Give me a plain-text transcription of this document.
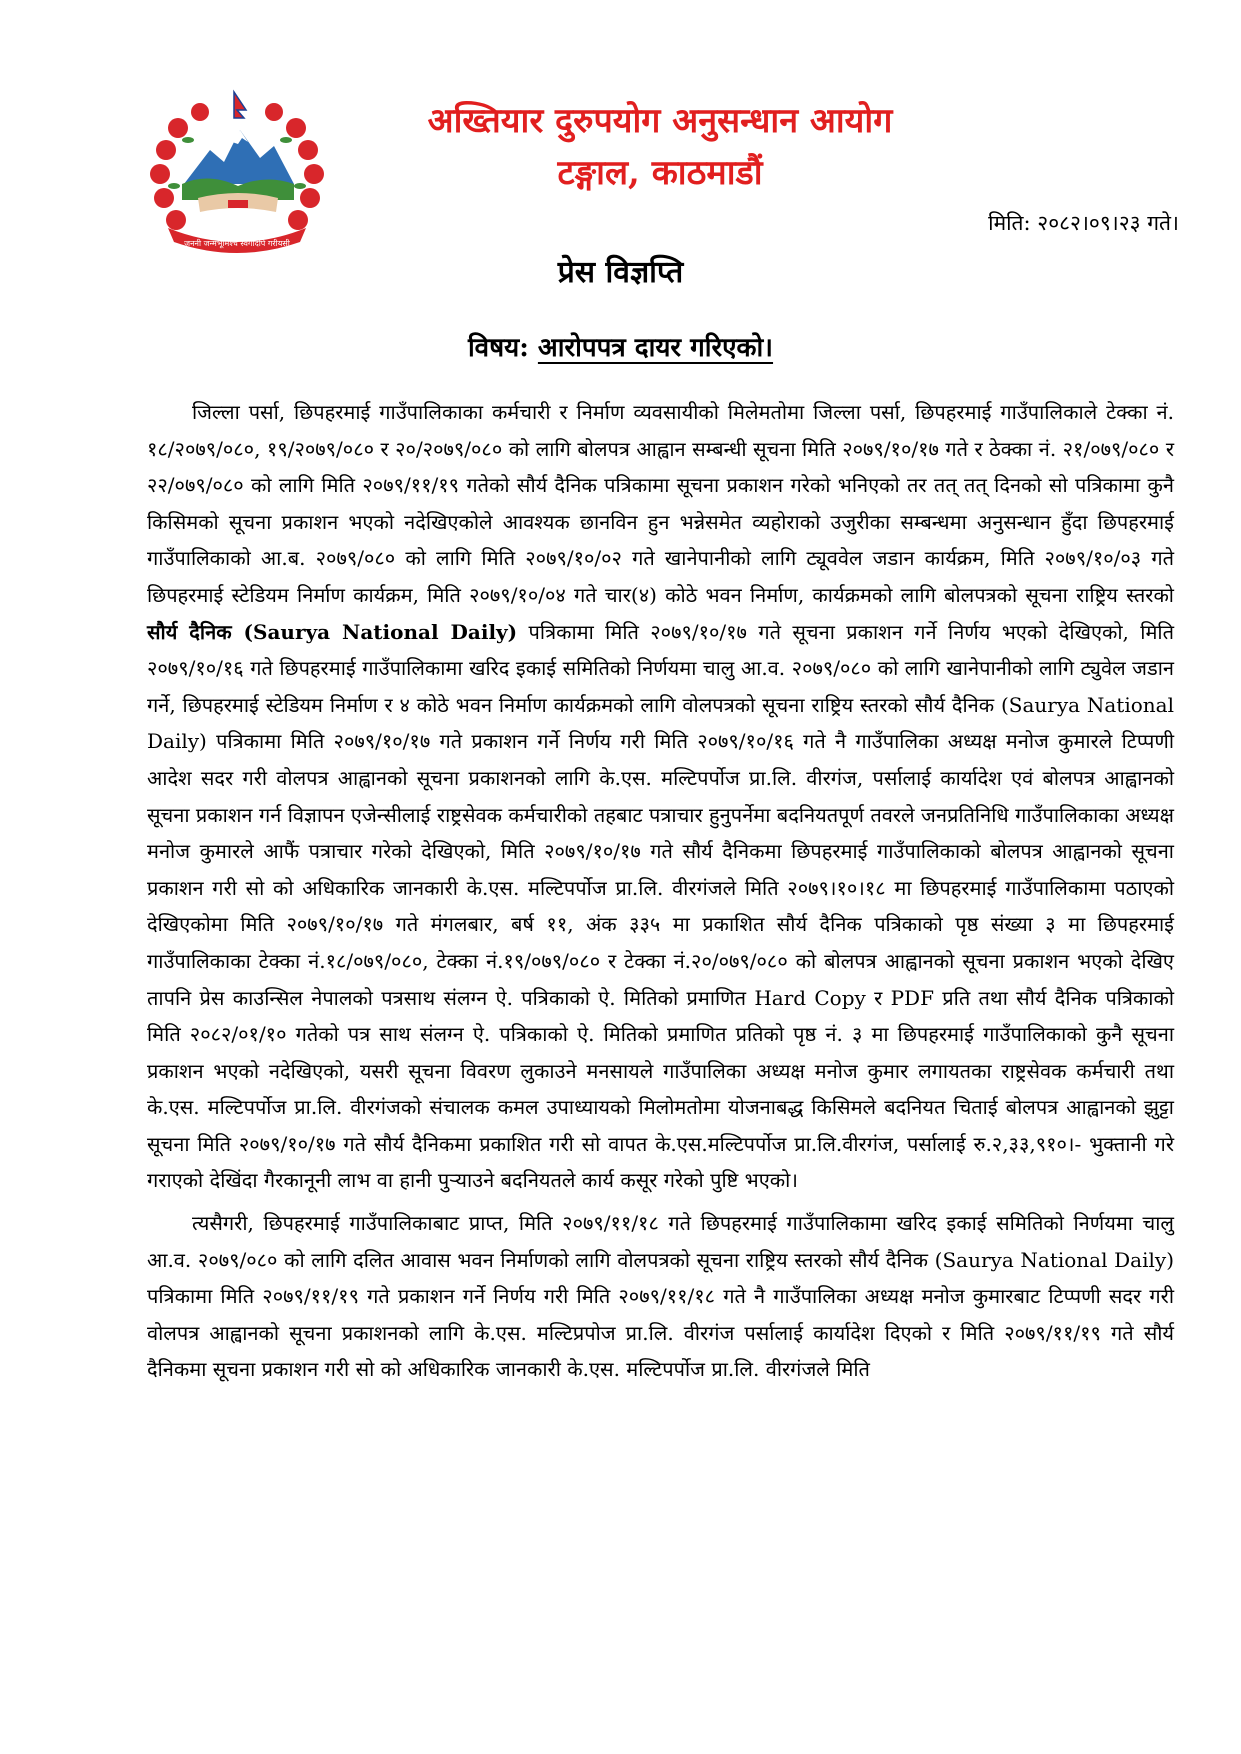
जननी जन्मभूमिश्च स्वर्गादपि गरीयसी
अख्तियार दुरुपयोग अनुसन्धान आयोग
टङ्गाल, काठमाडौं
मिति: २०८२।०९।२३ गते।
प्रेस विज्ञप्ति
विषय: आरोपपत्र दायर गरिएको।

जिल्ला पर्सा, छिपहरमाई गाउँपालिकाका कर्मचारी र निर्माण व्यवसायीको मिलेमतोमा जिल्ला पर्सा, छिपहरमाई गाउँपालिकाले टेक्का नं. १८/२०७९/०८०, १९/२०७९/०८० र २०/२०७९/०८० को लागि बोलपत्र आह्वान सम्बन्धी सूचना मिति २०७९/१०/१७ गते र ठेक्का नं. २१/०७९/०८० र २२/०७९/०८० को लागि मिति २०७९/११/१९ गतेको सौर्य दैनिक पत्रिकामा सूचना प्रकाशन गरेको भनिएको तर तत् तत् दिनको सो पत्रिकामा कुनै किसिमको सूचना प्रकाशन भएको नदेखिएकोले आवश्यक छानविन हुन भन्नेसमेत व्यहोराको उजुरीका सम्बन्धमा अनुसन्धान हुँदा छिपहरमाई गाउँपालिकाको आ.ब. २०७९/०८० को लागि मिति २०७९/१०/०२ गते खानेपानीको लागि ट्यूववेल जडान कार्यक्रम, मिति २०७९/१०/०३ गते छिपहरमाई स्टेडियम निर्माण कार्यक्रम, मिति २०७९/१०/०४ गते चार(४) कोठे भवन निर्माण, कार्यक्रमको लागि बोलपत्रको सूचना राष्ट्रिय स्तरको सौर्य दैनिक (Saurya National Daily) पत्रिकामा मिति २०७९/१०/१७ गते सूचना प्रकाशन गर्ने निर्णय भएको देखिएको, मिति २०७९/१०/१६ गते छिपहरमाई गाउँपालिकामा खरिद इकाई समितिको निर्णयमा चालु आ.व. २०७९/०८० को लागि खानेपानीको लागि ट्युवेल जडान गर्ने, छिपहरमाई स्टेडियम निर्माण र ४ कोठे भवन निर्माण कार्यक्रमको लागि वोलपत्रको सूचना राष्ट्रिय स्तरको सौर्य दैनिक (Saurya National Daily) पत्रिकामा मिति २०७९/१०/१७ गते प्रकाशन गर्ने निर्णय गरी मिति २०७९/१०/१६ गते नै गाउँपालिका अध्यक्ष मनोज कुमारले टिप्पणी आदेश सदर गरी वोलपत्र आह्वानको सूचना प्रकाशनको लागि के.एस. मल्टिपर्पोज प्रा.लि. वीरगंज, पर्सालाई कार्यादेश एवं बोलपत्र आह्वानको सूचना प्रकाशन गर्न विज्ञापन एजेन्सीलाई राष्ट्रसेवक कर्मचारीको तहबाट पत्राचार हुनुपर्नेमा बदनियतपूर्ण तवरले जनप्रतिनिधि गाउँपालिकाका अध्यक्ष मनोज कुमारले आफैं पत्राचार गरेको देखिएको, मिति २०७९/१०/१७ गते सौर्य दैनिकमा छिपहरमाई गाउँपालिकाको बोलपत्र आह्वानको सूचना प्रकाशन गरी सो को अधिकारिक जानकारी के.एस. मल्टिपर्पोज प्रा.लि. वीरगंजले मिति २०७९।१०।१८ मा छिपहरमाई गाउँपालिकामा पठाएको देखिएकोमा मिति २०७९/१०/१७ गते मंगलबार, बर्ष ११, अंक ३३५ मा प्रकाशित सौर्य दैनिक पत्रिकाको पृष्ठ संख्या ३ मा छिपहरमाई गाउँपालिकाका टेक्का नं.१८/०७९/०८०, टेक्का नं.१९/०७९/०८० र टेक्का नं.२०/०७९/०८० को बोलपत्र आह्वानको सूचना प्रकाशन भएको देखिए तापनि प्रेस काउन्सिल नेपालको पत्रसाथ संलग्न ऐ. पत्रिकाको ऐ. मितिको प्रमाणित Hard Copy र PDF प्रति तथा सौर्य दैनिक पत्रिकाको मिति २०८२/०१/१० गतेको पत्र साथ संलग्न ऐ. पत्रिकाको ऐ. मितिको प्रमाणित प्रतिको पृष्ठ नं. ३ मा छिपहरमाई गाउँपालिकाको कुनै सूचना प्रकाशन भएको नदेखिएको, यसरी सूचना विवरण लुकाउने मनसायले गाउँपालिका अध्यक्ष मनोज कुमार लगायतका राष्ट्रसेवक कर्मचारी तथा के.एस. मल्टिपर्पोज प्रा.लि. वीरगंजको संचालक कमल उपाध्यायको मिलोमतोमा योजनाबद्ध किसिमले बदनियत चिताई बोलपत्र आह्वानको झुट्टा सूचना मिति २०७९/१०/१७ गते सौर्य दैनिकमा प्रकाशित गरी सो वापत के.एस.मल्टिपर्पोज प्रा.लि.वीरगंज, पर्सालाई रु.२,३३,९१०।- भुक्तानी गरे गराएको देखिंदा गैरकानूनी लाभ वा हानी पुऱ्याउने बदनियतले कार्य कसूर गरेको पुष्टि भएको।

त्यसैगरी, छिपहरमाई गाउँपालिकाबाट प्राप्त, मिति २०७९/११/१८ गते छिपहरमाई गाउँपालिकामा खरिद इकाई समितिको निर्णयमा चालु आ.व. २०७९/०८० को लागि दलित आवास भवन निर्माणको लागि वोलपत्रको सूचना राष्ट्रिय स्तरको सौर्य दैनिक (Saurya National Daily) पत्रिकामा मिति २०७९/११/१९ गते प्रकाशन गर्ने निर्णय गरी मिति २०७९/११/१८ गते नै गाउँपालिका अध्यक्ष मनोज कुमारबाट टिप्पणी सदर गरी वोलपत्र आह्वानको सूचना प्रकाशनको लागि के.एस. मल्टिप्रपोज प्रा.लि. वीरगंज पर्सालाई कार्यादेश दिएको र मिति २०७९/११/१९ गते सौर्य दैनिकमा सूचना प्रकाशन गरी सो को अधिकारिक जानकारी के.एस. मल्टिपर्पोज प्रा.लि. वीरगंजले मिति
